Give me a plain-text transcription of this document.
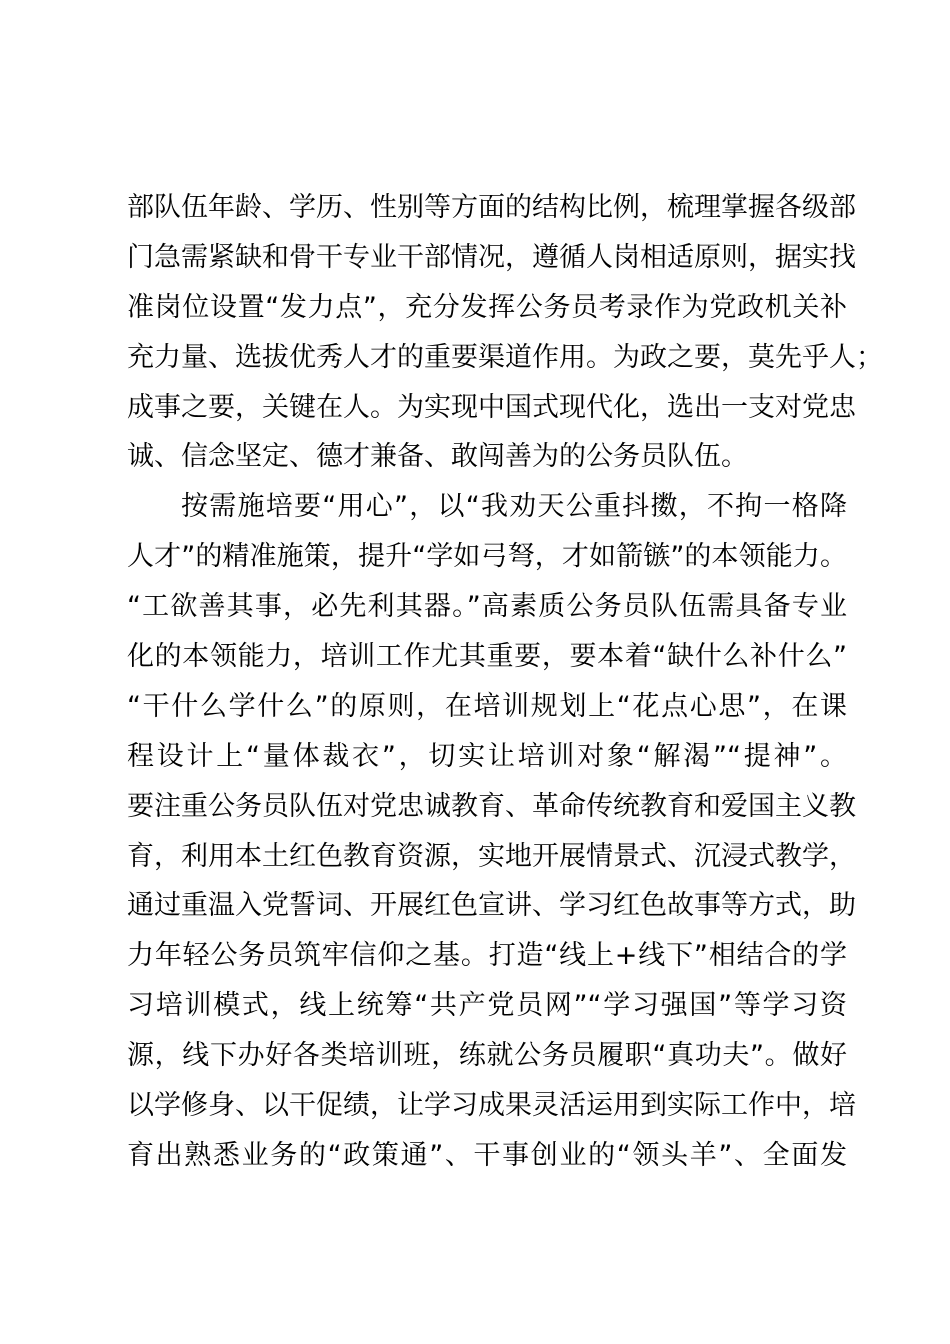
部队伍年龄、学历、性别等方面的结构比例，梳理掌握各级部
门急需紧缺和骨干专业干部情况，遵循人岗相适原则，据实找
准岗位设置“发力点”，充分发挥公务员考录作为党政机关补
充力量、选拔优秀人才的重要渠道作用。为政之要，莫先乎人；
成事之要，关键在人。为实现中国式现代化，选出一支对党忠
诚、信念坚定、德才兼备、敢闯善为的公务员队伍。
按需施培要“用心”，以“我劝天公重抖擞，不拘一格降
人才”的精准施策，提升“学如弓弩，才如箭镞”的本领能力。
“工欲善其事，必先利其器。”高素质公务员队伍需具备专业
化的本领能力，培训工作尤其重要，要本着“缺什么补什么”
“干什么学什么”的原则，在培训规划上“花点心思”，在课
程设计上“量体裁衣”，切实让培训对象“解渴”“提神”。
要注重公务员队伍对党忠诚教育、革命传统教育和爱国主义教
育，利用本土红色教育资源，实地开展情景式、沉浸式教学，
通过重温入党誓词、开展红色宣讲、学习红色故事等方式，助
力年轻公务员筑牢信仰之基。打造“线上+线下”相结合的学
习培训模式，线上统筹“共产党员网”“学习强国”等学习资
源，线下办好各类培训班，练就公务员履职“真功夫”。做好
以学修身、以干促绩，让学习成果灵活运用到实际工作中，培
育出熟悉业务的“政策通”、干事创业的“领头羊”、全面发
